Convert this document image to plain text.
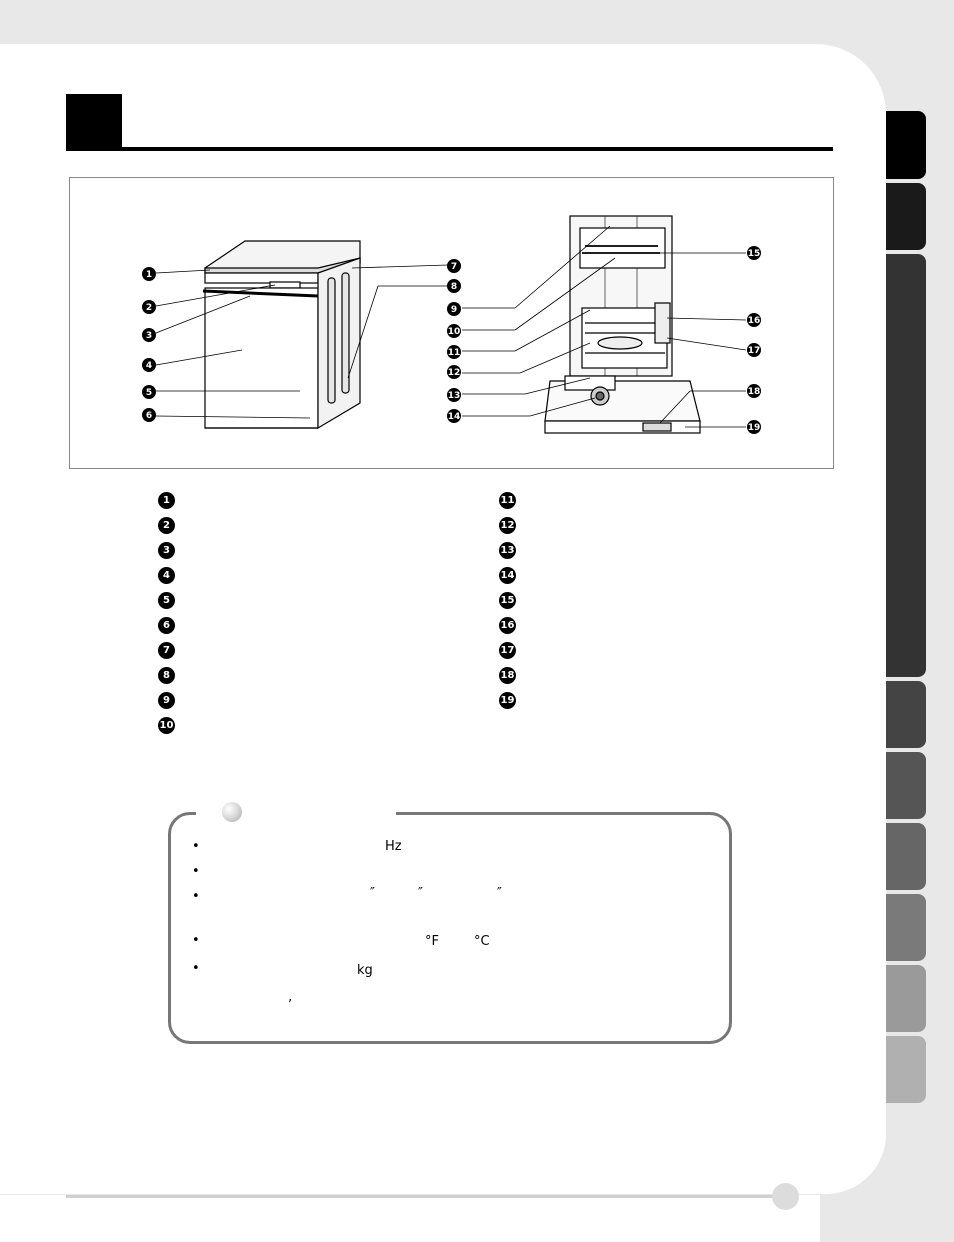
1
2
3
4
5
6
7
8
9
10
11
12
13
14
15
16
17
18
19
1
2
3
4
5
6
7
8
9
10
11
12
13
14
15
16
17
18
19
•
•
•
•
•
Hz
″	″	″
°F	°C
kg
’
